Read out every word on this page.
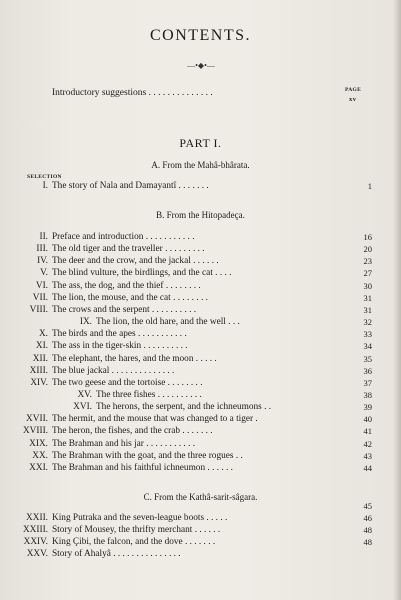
CONTENTS.
—•◆•—
Introductory suggestions . . . . . . . . . . . . . .	PAGE
xv
PART I.
A. From the Mahâ-bhârata.
SELECTION
I. The story of Nala and Damayantî . . . . . . .	1
B. From the Hitopadeça.
II. Preface and introduction . . . . . . . . . . .	16
III. The old tiger and the traveller . . . . . . . . .	20
IV. The deer and the crow, and the jackal . . . . . .	23
V. The blind vulture, the birdlings, and the cat . . . .	27
VI. The ass, the dog, and the thief . . . . . . . .	30
VII. The lion, the mouse, and the cat . . . . . . . .	31
VIII. The crows and the serpent . . . . . . . . . .	31
IX. The lion, the old hare, and the well . . .	32
X. The birds and the apes . . . . . . . . . . .	33
XI. The ass in the tiger-skin . . . . . . . . . .	34
XII. The elephant, the hares, and the moon . . . . .	35
XIII. The blue jackal . . . . . . . . . . . . . .	36
XIV. The two geese and the tortoise . . . . . . . .	37
XV. The three fishes . . . . . . . . . .	38
XVI. The herons, the serpent, and the ichneumons . .	39
XVII. The hermit, and the mouse that was changed to a tiger .	40
XVIII. The heron, the fishes, and the crab . . . . . . .	41
XIX. The Brahman and his jar . . . . . . . . . . .	42
XX. The Brahman with the goat, and the three rogues . .	43
XXI. The Brahman and his faithful ichneumon . . . . . .	44
C. From the Kathâ-sarit-sâgara.
45
XXII. King Putraka and the seven-league boots . . . . .	46
XXIII. Story of Mousey, the thrifty merchant . . . . . .	48
XXIV. King Çibi, the falcon, and the dove . . . . . . .	48
XXV. Story of Ahalyâ . . . . . . . . . . . . . . .
